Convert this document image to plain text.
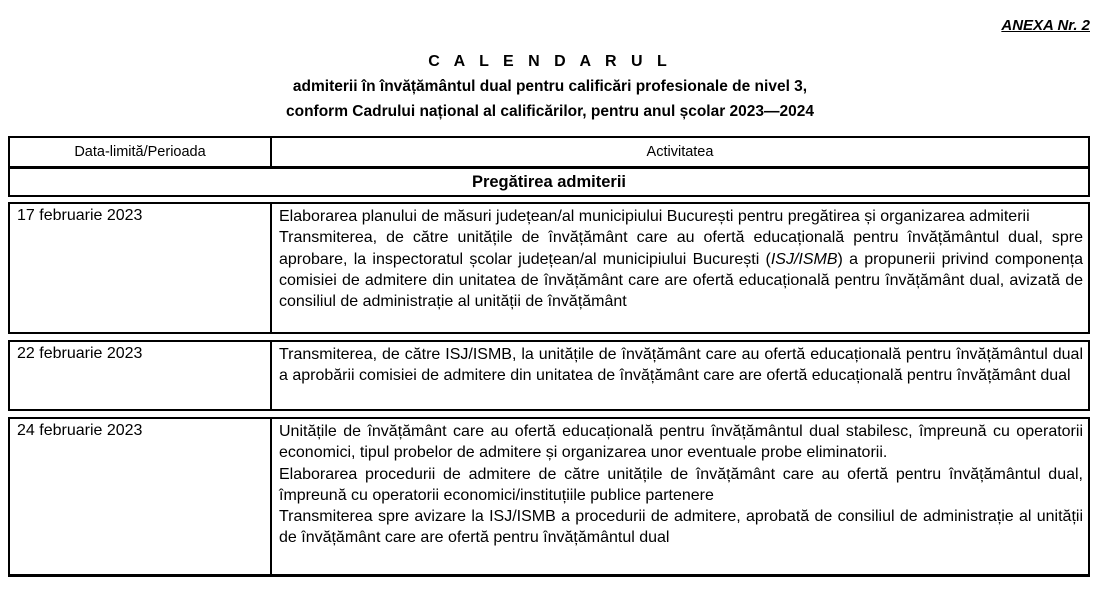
ANEXA Nr. 2
C A L E N D A R U L
admiterii în învățământul dual pentru calificări profesionale de nivel 3,
conform Cadrului național al calificărilor, pentru anul școlar 2023—2024
Data-limită/Perioada	Activitatea
Pregătirea admiterii
17 februarie 2023	Elaborarea planului de măsuri județean/al municipiului București pentru pregătirea și organizarea admiterii

Transmiterea, de către unitățile de învățământ care au ofertă educațională pentru învățământul dual, spre aprobare, la inspectoratul școlar județean/al municipiului București (ISJ/ISMB) a propunerii privind componența comisiei de admitere din unitatea de învățământ care are ofertă educațională pentru învățământ dual, avizată de consiliul de administrație al unității de învățământ

22 februarie 2023	Transmiterea, de către ISJ/ISMB, la unitățile de învățământ care au ofertă educațională pentru învățământul dual a aprobării comisiei de admitere din unitatea de învățământ care are ofertă educațională pentru învățământ dual

24 februarie 2023	Unitățile de învățământ care au ofertă educațională pentru învățământul dual stabilesc, împreună cu operatorii economici, tipul probelor de admitere și organizarea unor eventuale probe eliminatorii.

Elaborarea procedurii de admitere de către unitățile de învățământ care au ofertă pentru învățământul dual, împreună cu operatorii economici/instituțiile publice partenere

Transmiterea spre avizare la ISJ/ISMB a procedurii de admitere, aprobată de consiliul de administrație al unității de învățământ care are ofertă pentru învățământul dual
